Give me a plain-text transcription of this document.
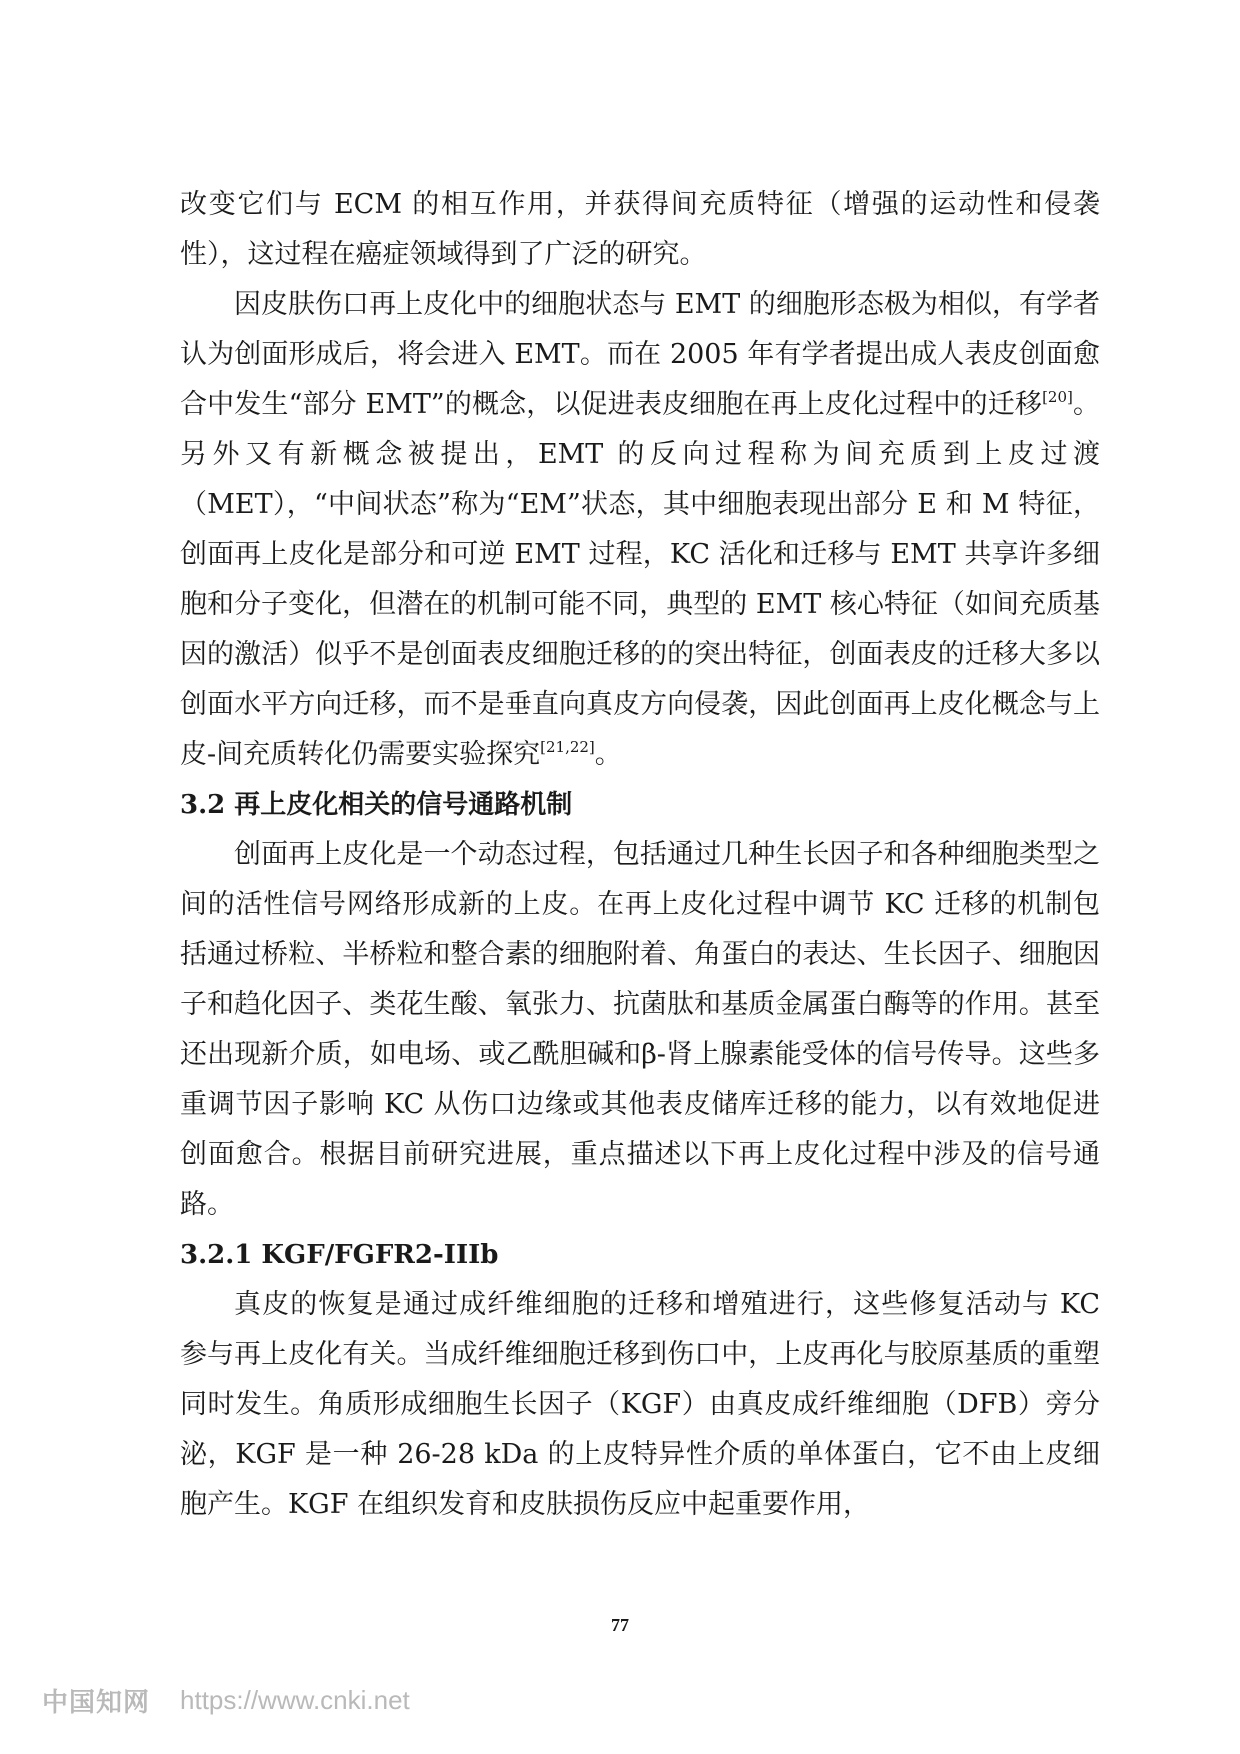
改变它们与 ECM 的相互作用，并获得间充质特征（增强的运动性和侵袭性），这过程在癌症领域得到了广泛的研究。

因皮肤伤口再上皮化中的细胞状态与 EMT 的细胞形态极为相似，有学者认为创面形成后，将会进入 EMT。而在 2005 年有学者提出成人表皮创面愈合中发生“部分 EMT”的概念，以促进表皮细胞在再上皮化过程中的迁移[20]。另外又有新概念被提出，EMT 的反向过程称为间充质到上皮过渡（MET），“中间状态”称为“EM”状态，其中细胞表现出部分 E 和 M 特征，创面再上皮化是部分和可逆 EMT 过程，KC 活化和迁移与 EMT 共享许多细胞和分子变化，但潜在的机制可能不同，典型的 EMT 核心特征（如间充质基因的激活）似乎不是创面表皮细胞迁移的的突出特征，创面表皮的迁移大多以创面水平方向迁移，而不是垂直向真皮方向侵袭，因此创面再上皮化概念与上皮-间充质转化仍需要实验探究[21,22]。

3.2 再上皮化相关的信号通路机制

创面再上皮化是一个动态过程，包括通过几种生长因子和各种细胞类型之间的活性信号网络形成新的上皮。在再上皮化过程中调节 KC 迁移的机制包括通过桥粒、半桥粒和整合素的细胞附着、角蛋白的表达、生长因子、细胞因子和趋化因子、类花生酸、氧张力、抗菌肽和基质金属蛋白酶等的作用。甚至还出现新介质，如电场、或乙酰胆碱和β-肾上腺素能受体的信号传导。这些多重调节因子影响 KC 从伤口边缘或其他表皮储库迁移的能力，以有效地促进创面愈合。根据目前研究进展，重点描述以下再上皮化过程中涉及的信号通路。

3.2.1 KGF/FGFR2-IIIb

真皮的恢复是通过成纤维细胞的迁移和增殖进行，这些修复活动与 KC 参与再上皮化有关。当成纤维细胞迁移到伤口中，上皮再化与胶原基质的重塑同时发生。角质形成细胞生长因子（KGF）由真皮成纤维细胞（DFB）旁分泌，KGF 是一种 26-28 kDa 的上皮特异性介质的单体蛋白，它不由上皮细胞产生。KGF 在组织发育和皮肤损伤反应中起重要作用，

77
中国知网 https://www.cnki.net
